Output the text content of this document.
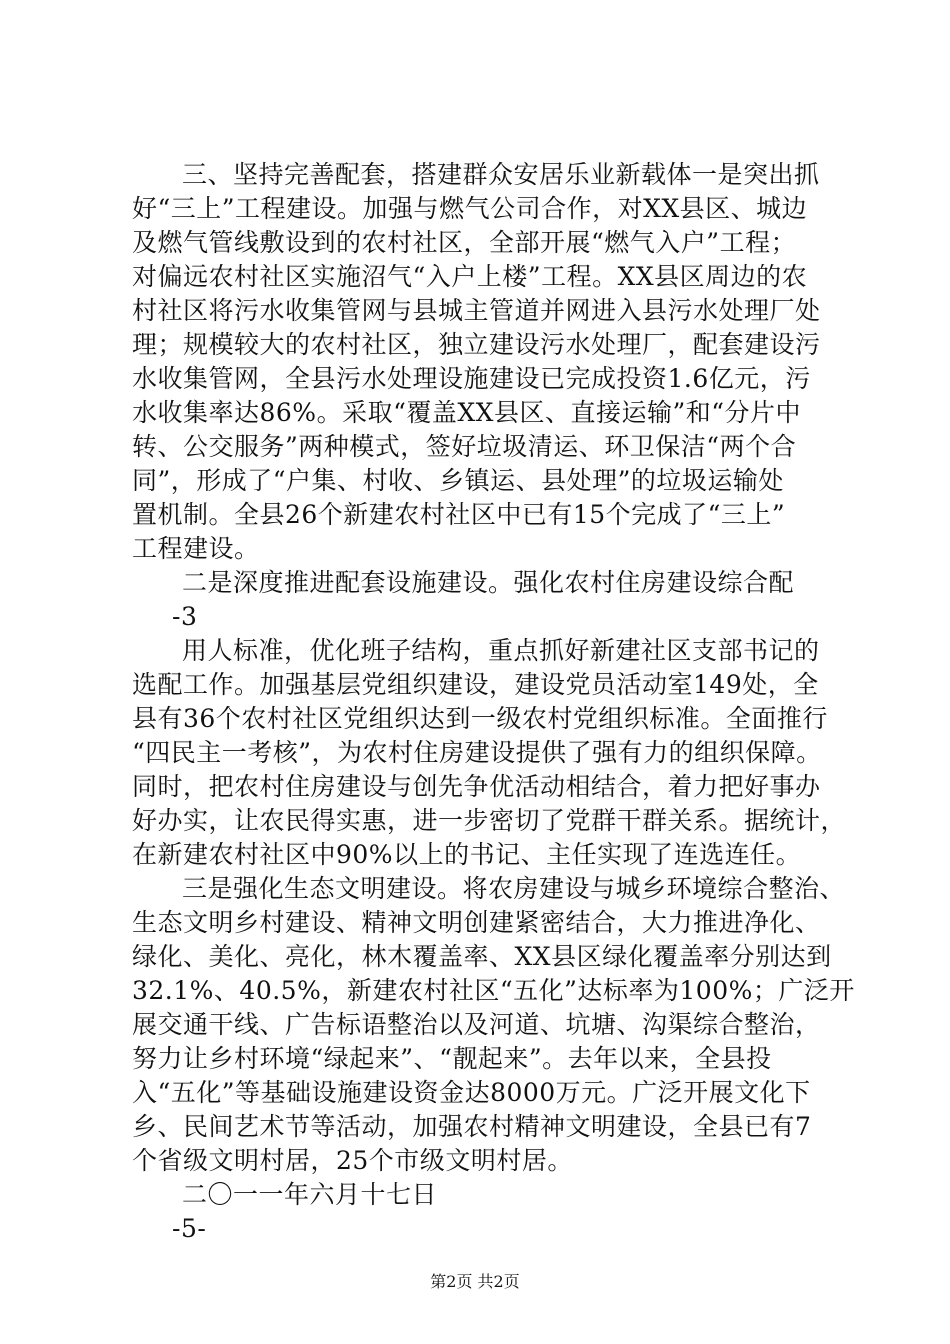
三、坚持完善配套，搭建群众安居乐业新载体一是突出抓
好“三上”工程建设。加强与燃气公司合作，对XX县区、城边
及燃气管线敷设到的农村社区，全部开展“燃气入户”工程；
对偏远农村社区实施沼气“入户上楼”工程。XX县区周边的农
村社区将污水收集管网与县城主管道并网进入县污水处理厂处
理；规模较大的农村社区，独立建设污水处理厂，配套建设污
水收集管网，全县污水处理设施建设已完成投资1.6亿元，污
水收集率达86%。采取“覆盖XX县区、直接运输”和“分片中
转、公交服务”两种模式，签好垃圾清运、环卫保洁“两个合
同”，形成了“户集、村收、乡镇运、县处理”的垃圾运输处
置机制。全县26个新建农村社区中已有15个完成了“三上”
工程建设。
二是深度推进配套设施建设。强化农村住房建设综合配
-3
用人标准，优化班子结构，重点抓好新建社区支部书记的
选配工作。加强基层党组织建设，建设党员活动室149处，全
县有36个农村社区党组织达到一级农村党组织标准。全面推行
“四民主一考核”，为农村住房建设提供了强有力的组织保障。
同时，把农村住房建设与创先争优活动相结合，着力把好事办
好办实，让农民得实惠，进一步密切了党群干群关系。据统计，
在新建农村社区中90%以上的书记、主任实现了连选连任。
三是强化生态文明建设。将农房建设与城乡环境综合整治、
生态文明乡村建设、精神文明创建紧密结合，大力推进净化、
绿化、美化、亮化，林木覆盖率、XX县区绿化覆盖率分别达到
32.1%、40.5%，新建农村社区“五化”达标率为100%；广泛开
展交通干线、广告标语整治以及河道、坑塘、沟渠综合整治，
努力让乡村环境“绿起来”、“靓起来”。去年以来，全县投
入“五化”等基础设施建设资金达8000万元。广泛开展文化下
乡、民间艺术节等活动，加强农村精神文明建设，全县已有7
个省级文明村居，25个市级文明村居。
二〇一一年六月十七日
-5-
第2页 共2页
